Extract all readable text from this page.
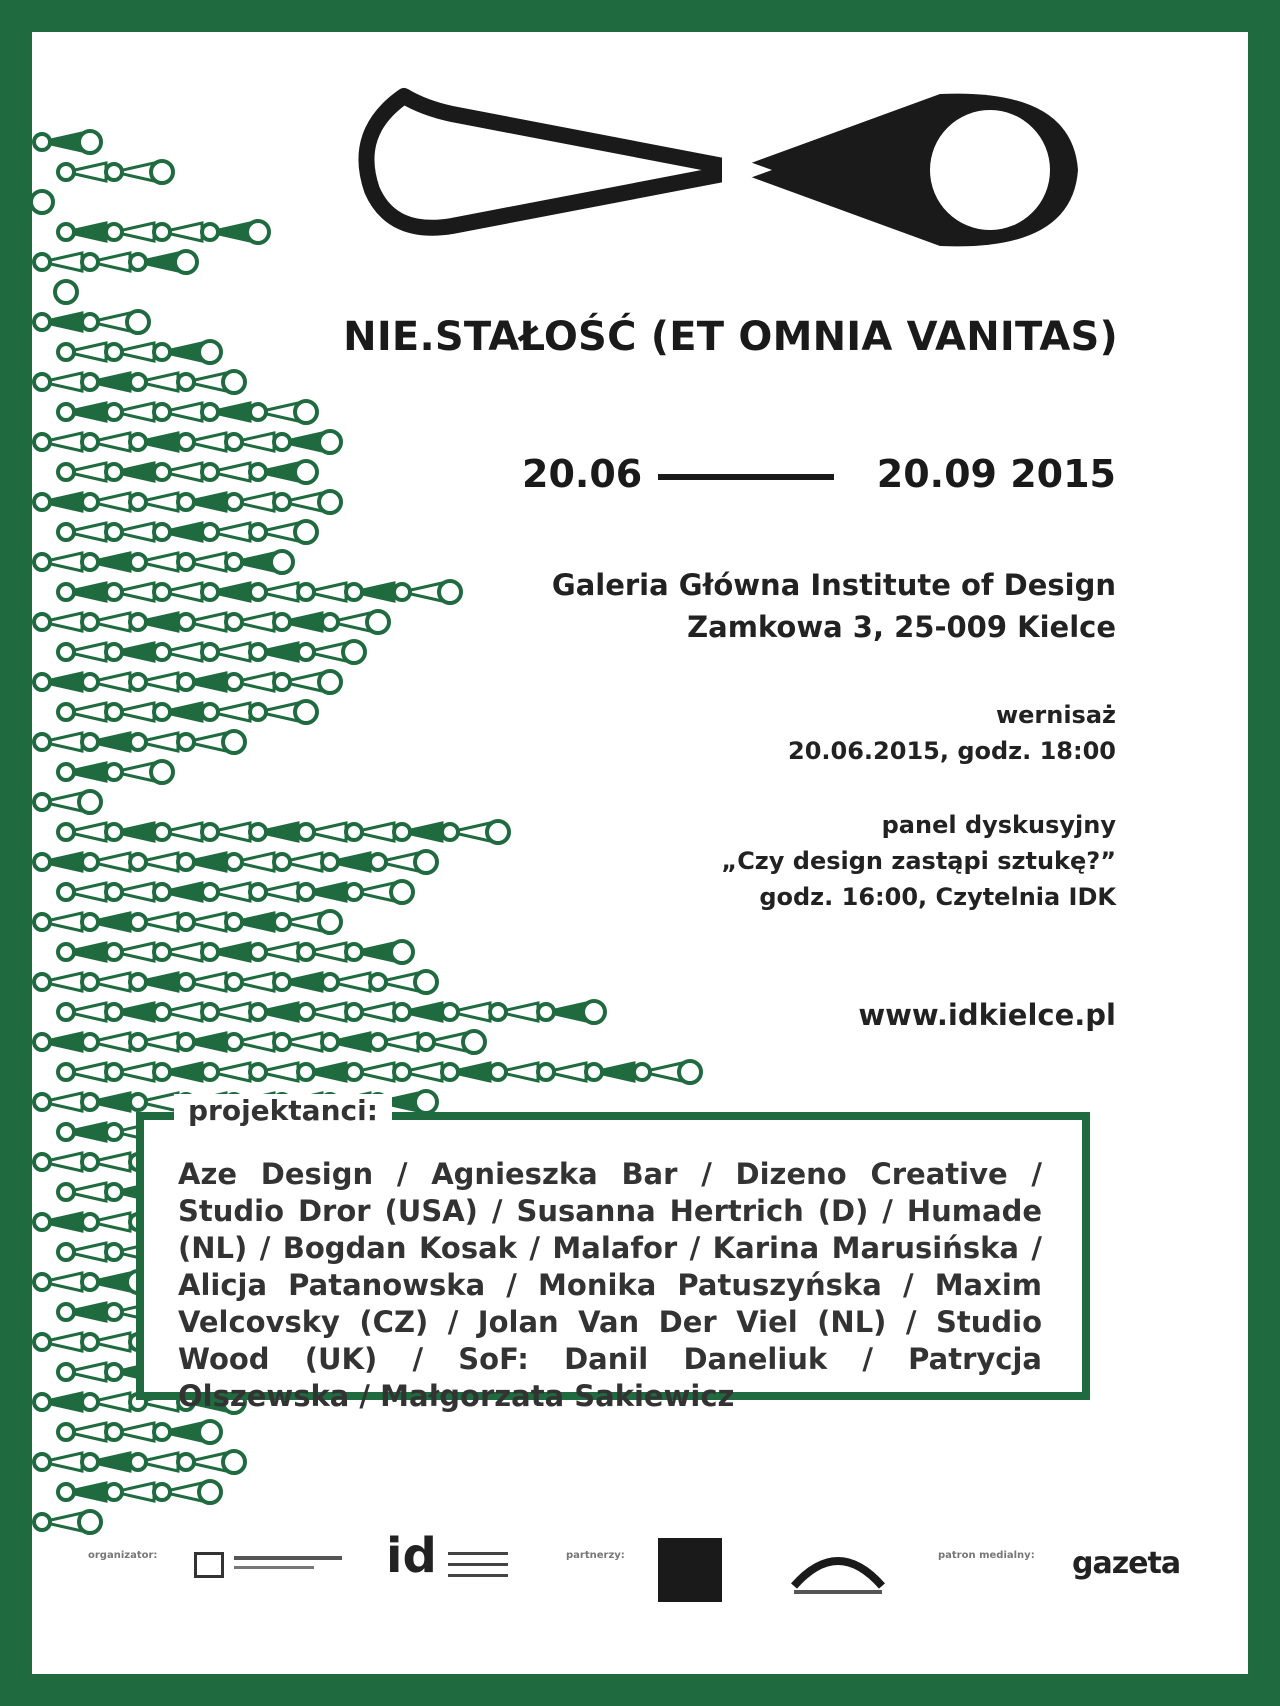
NIE.STAŁOŚĆ (ET OMNIA VANITAS)
20.06	20.09 2015
Galeria Główna Institute of Design
Zamkowa 3, 25-009 Kielce
wernisaż
20.06.2015, godz. 18:00
panel dyskusyjny
„Czy design zastąpi sztukę?”
godz. 16:00, Czytelnia IDK
www.idkielce.pl
projektanci:
Aze Design / Agnieszka Bar / Dizeno Creative / Studio Dror (USA) / Susanna Hertrich (D) / Humade (NL) / Bogdan Kosak / Malafor / Karina Marusińska / Alicja Patanowska / Monika Patuszyńska / Maxim Velcovsky (CZ) / Jolan Van Der Viel (NL) / Studio Wood (UK) / SoF: Danil Daneliuk / Patrycja Olszewska / Małgorzata Sakiewicz
organizator:	id	partnerzy:	patron medialny: gazeta
